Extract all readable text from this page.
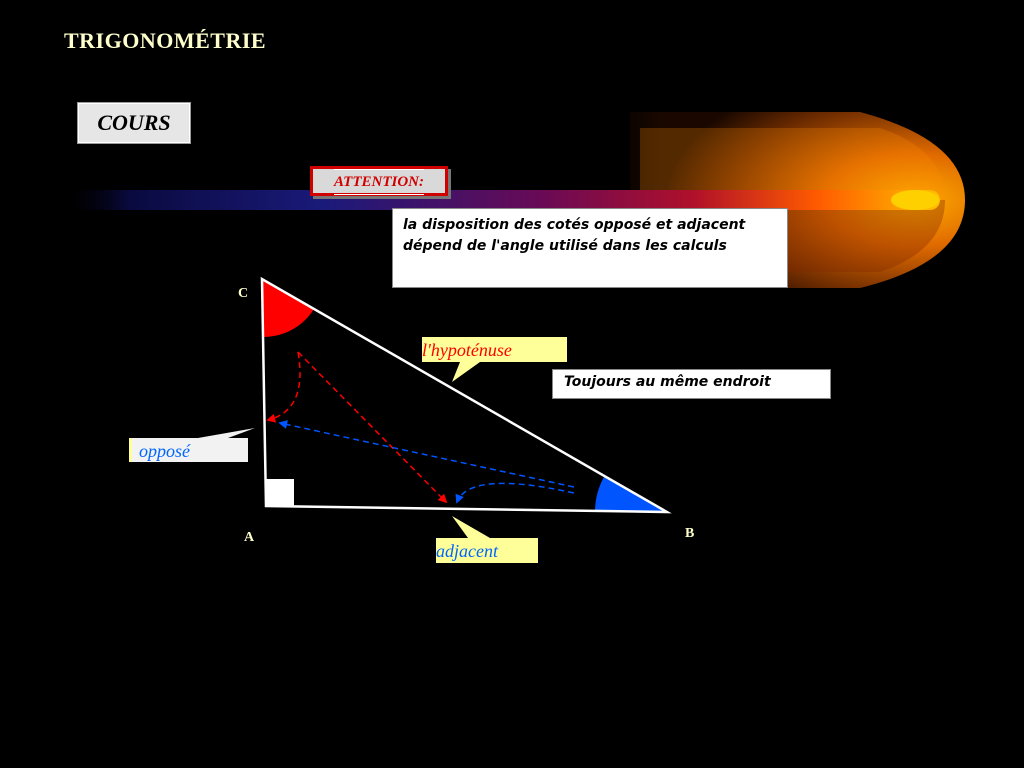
C
A	B
l'hypoténuse
opposé
adjacent
TRIGONOMÉTRIE
COURS
ATTENTION:
la disposition des cotés opposé et adjacent dépend de l'angle utilisé dans les calculs
Toujours au même endroit
